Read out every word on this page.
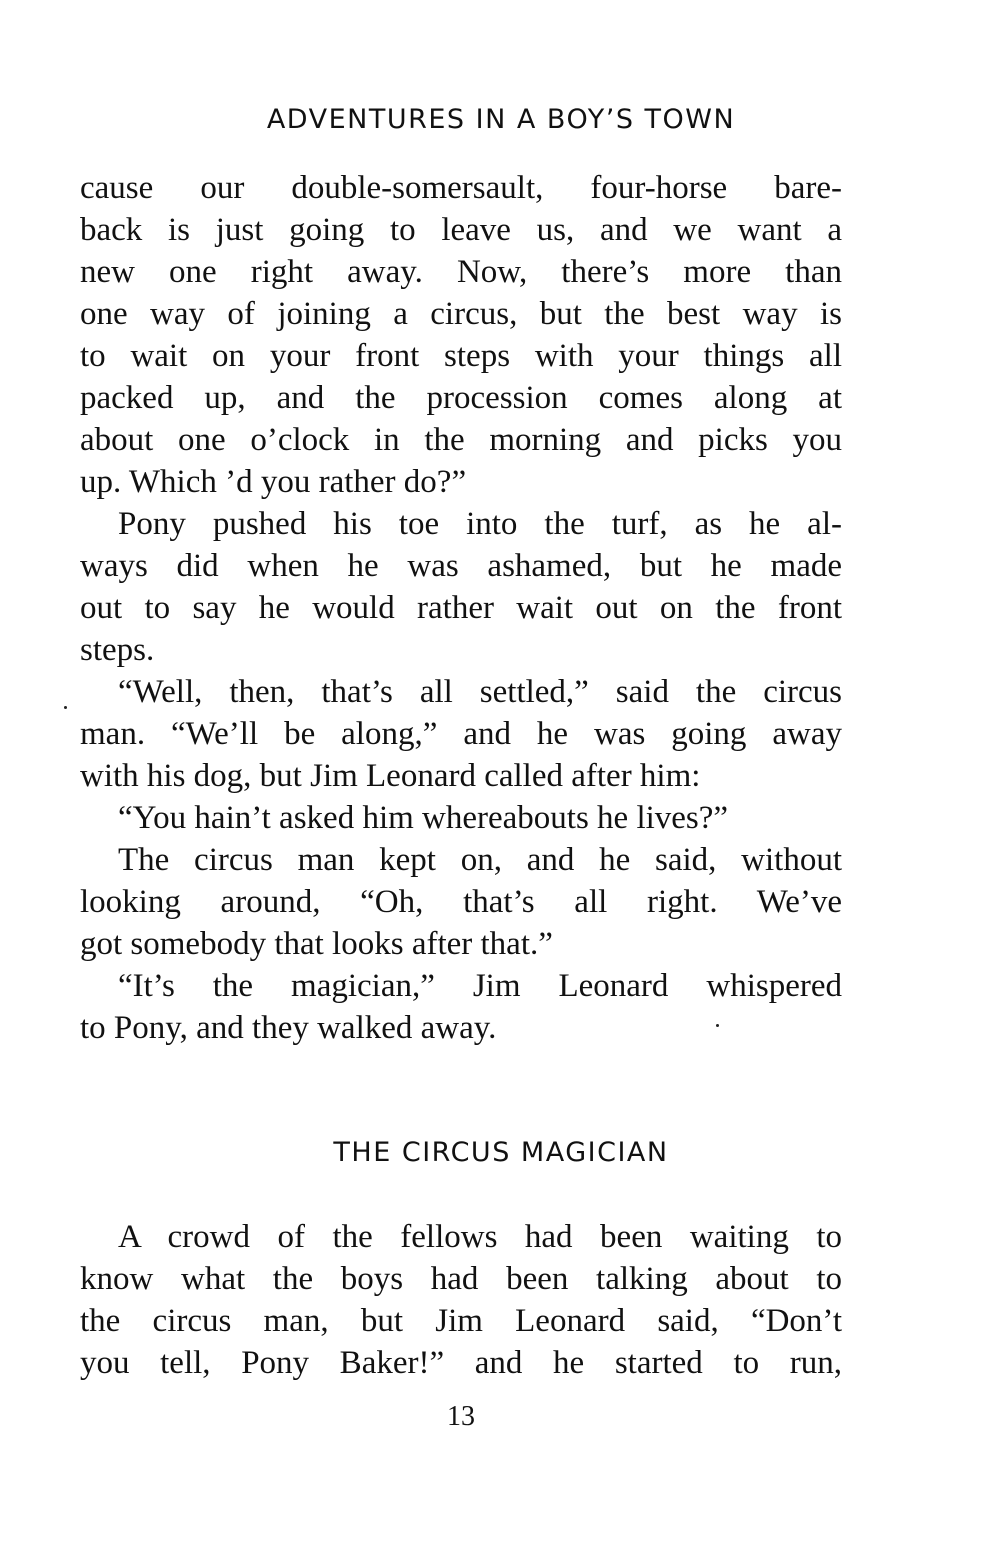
ADVENTURES IN A BOY’S TOWN
cause our double-somersault, four-horse bare-
back is just going to leave us, and we want a
new one right away. Now, there’s more than
one way of joining a circus, but the best way is
to wait on your front steps with your things all
packed up, and the procession comes along at
about one o’clock in the morning and picks you
up. Which ’d you rather do?”
Pony pushed his toe into the turf, as he al-
ways did when he was ashamed, but he made
out to say he would rather wait out on the front
steps.
“Well, then, that’s all settled,” said the circus
man. “We’ll be along,” and he was going away
with his dog, but Jim Leonard called after him:
“You hain’t asked him whereabouts he lives?”
The circus man kept on, and he said, without
looking around, “Oh, that’s all right. We’ve
got somebody that looks after that.”
“It’s the magician,” Jim Leonard whispered
to Pony, and they walked away.
THE CIRCUS MAGICIAN
A crowd of the fellows had been waiting to
know what the boys had been talking about to
the circus man, but Jim Leonard said, “Don’t
you tell, Pony Baker!” and he started to run,
13
